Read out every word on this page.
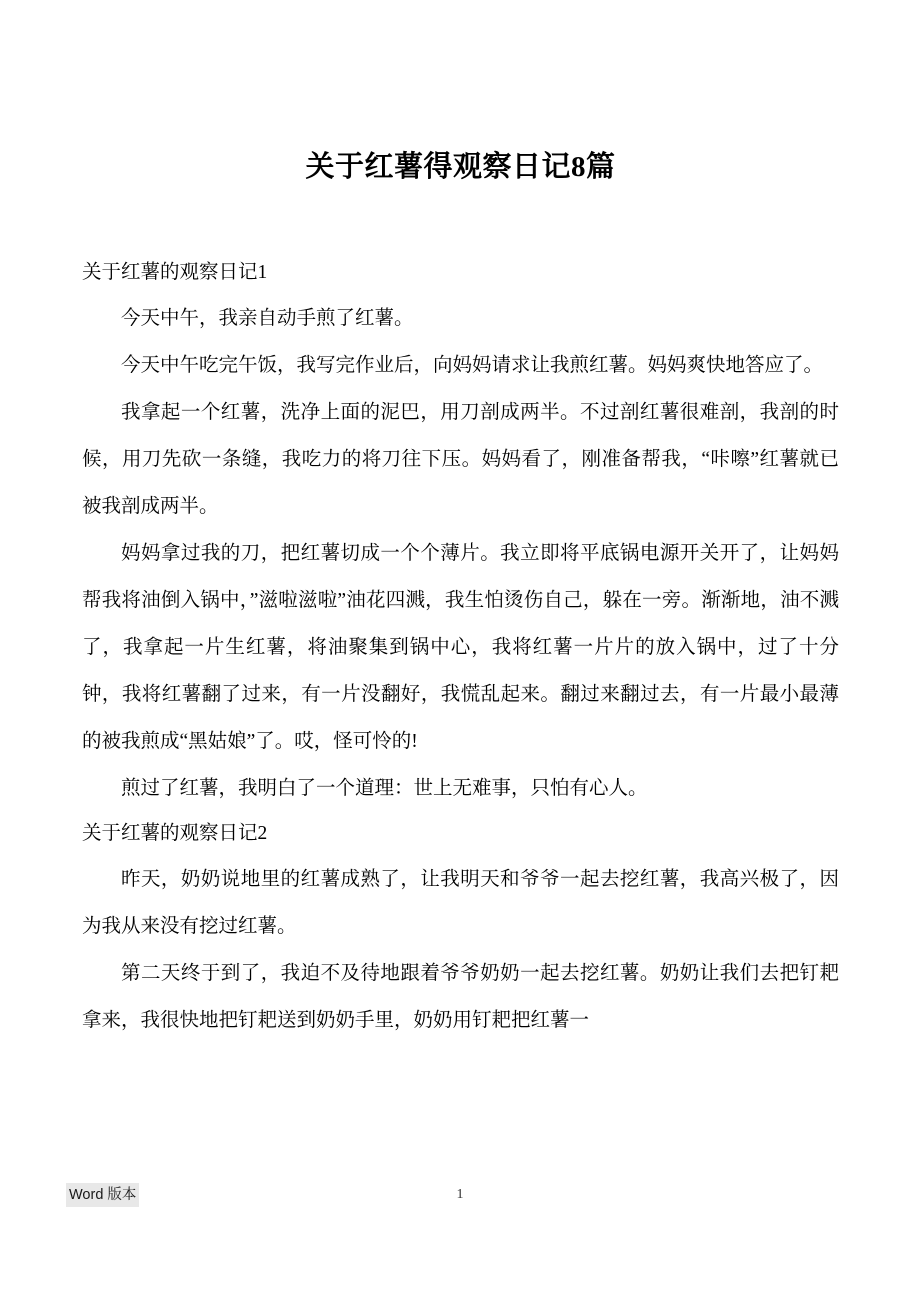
关于红薯得观察日记8篇

关于红薯的观察日记1

今天中午，我亲自动手煎了红薯。

今天中午吃完午饭，我写完作业后，向妈妈请求让我煎红薯。妈妈爽快地答应了。

我拿起一个红薯，洗净上面的泥巴，用刀剖成两半。不过剖红薯很难剖，我剖的时候，用刀先砍一条缝，我吃力的将刀往下压。妈妈看了，刚准备帮我，“咔嚓”红薯就已被我剖成两半。

妈妈拿过我的刀，把红薯切成一个个薄片。我立即将平底锅电源开关开了，让妈妈帮我将油倒入锅中，”滋啦滋啦”油花四溅，我生怕烫伤自己，躲在一旁。渐渐地，油不溅了，我拿起一片生红薯，将油聚集到锅中心，我将红薯一片片的放入锅中，过了十分钟，我将红薯翻了过来，有一片没翻好，我慌乱起来。翻过来翻过去，有一片最小最薄的被我煎成“黑姑娘”了。哎，怪可怜的!

煎过了红薯，我明白了一个道理：世上无难事，只怕有心人。

关于红薯的观察日记2

昨天，奶奶说地里的红薯成熟了，让我明天和爷爷一起去挖红薯，我高兴极了，因为我从来没有挖过红薯。

第二天终于到了，我迫不及待地跟着爷爷奶奶一起去挖红薯。奶奶让我们去把钉耙拿来，我很快地把钉耙送到奶奶手里，奶奶用钉耙把红薯一

Word 版本	1
